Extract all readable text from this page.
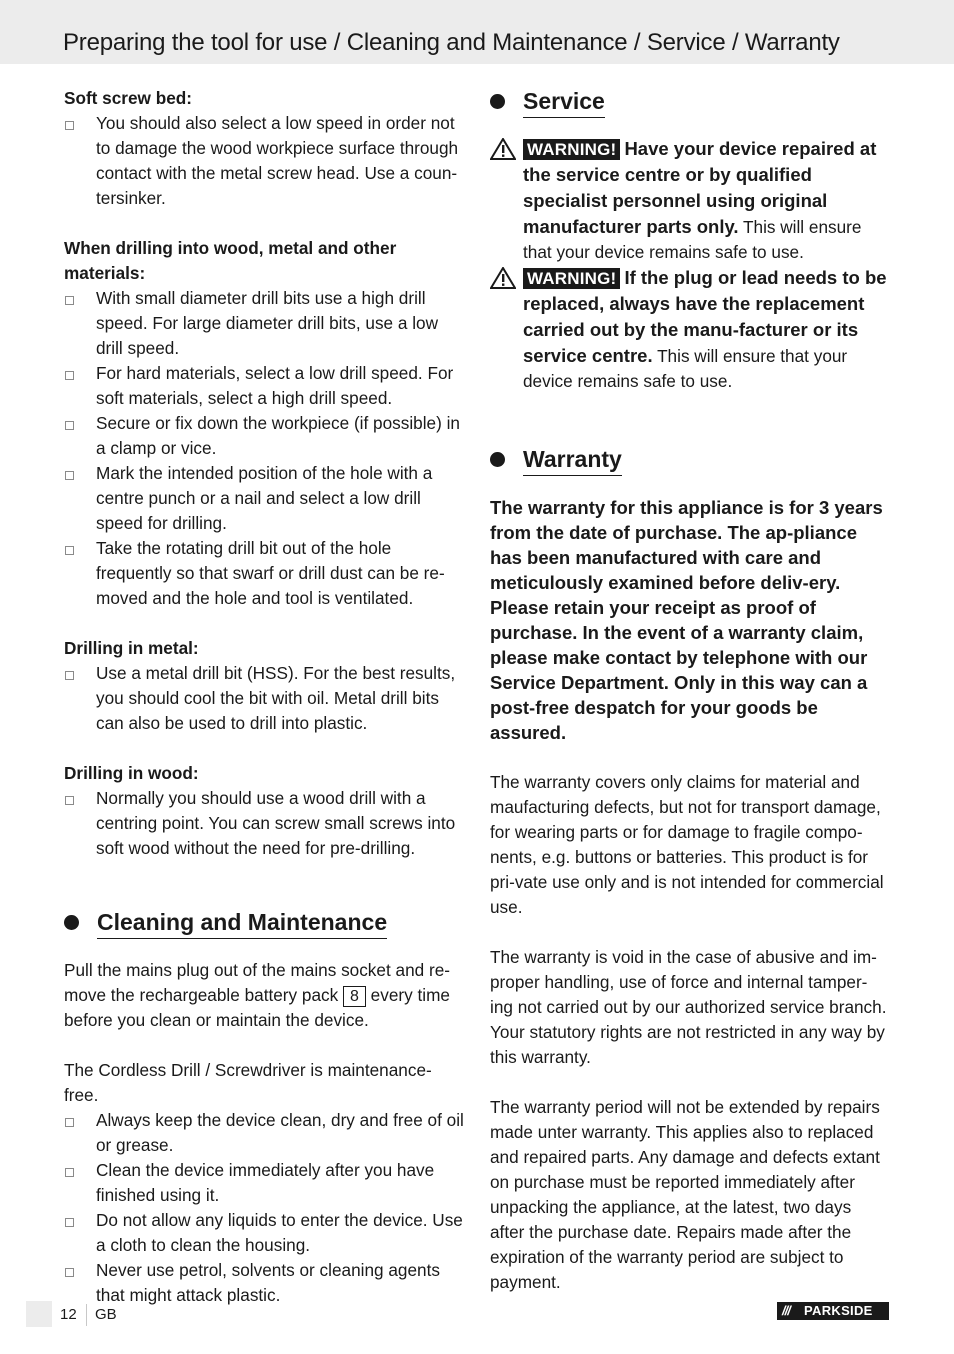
Preparing the tool for use / Cleaning and Maintenance / Service / Warranty

Soft screw bed:

You should also select a low speed in order not to damage the wood workpiece surface through contact with the metal screw head. Use a coun-tersinker.

When drilling into wood, metal and other materials:

With small diameter drill bits use a high drill speed. For large diameter drill bits, use a low drill speed.
For hard materials, select a low drill speed. For soft materials, select a high drill speed.
Secure or fix down the workpiece (if possible) in a clamp or vice.
Mark the intended position of the hole with a centre punch or a nail and select a low drill speed for drilling.
Take the rotating drill bit out of the hole frequently so that swarf or drill dust can be re-moved and the hole and tool is ventilated.

Drilling in metal:

Use a metal drill bit (HSS). For the best results, you should cool the bit with oil. Metal drill bits can also be used to drill into plastic.

Drilling in wood:

Normally you should use a wood drill with a centring point. You can screw small screws into soft wood without the need for pre-drilling.
Cleaning and Maintenance

Pull the mains plug out of the mains socket and re-move the rechargeable battery pack 8 every time before you clean or maintain the device.

The Cordless Drill / Screwdriver is maintenance-free.

Always keep the device clean, dry and free of oil or grease.
Clean the device immediately after you have finished using it.
Do not allow any liquids to enter the device. Use a cloth to clean the housing.
Never use petrol, solvents or cleaning agents that might attack plastic.
Service

WARNING! Have your device repaired at the service centre or by qualified specialist personnel using original manufacturer parts only. This will ensure that your device remains safe to use.

WARNING! If the plug or lead needs to be replaced, always have the replacement carried out by the manu-facturer or its service centre. This will ensure that your device remains safe to use.

Warranty

The warranty for this appliance is for 3 years from the date of purchase. The ap-pliance has been manufactured with care and meticulously examined before deliv-ery. Please retain your receipt as proof of purchase. In the event of a warranty claim, please make contact by telephone with our Service Department. Only in this way can a post-free despatch for your goods be assured.

The warranty covers only claims for material and maufacturing defects, but not for transport damage, for wearing parts or for damage to fragile compo-nents, e.g. buttons or batteries. This product is for pri-vate use only and is not intended for commercial use.

The warranty is void in the case of abusive and im-proper handling, use of force and internal tamper-ing not carried out by our authorized service branch. Your statutory rights are not restricted in any way by this warranty.

The warranty period will not be extended by repairs made unter warranty. This applies also to replaced and repaired parts. Any damage and defects extant on purchase must be reported immediately after unpacking the appliance, at the latest, two days after the purchase date. Repairs made after the expiration of the warranty period are subject to payment.

12 GB	/// PARKSIDE
